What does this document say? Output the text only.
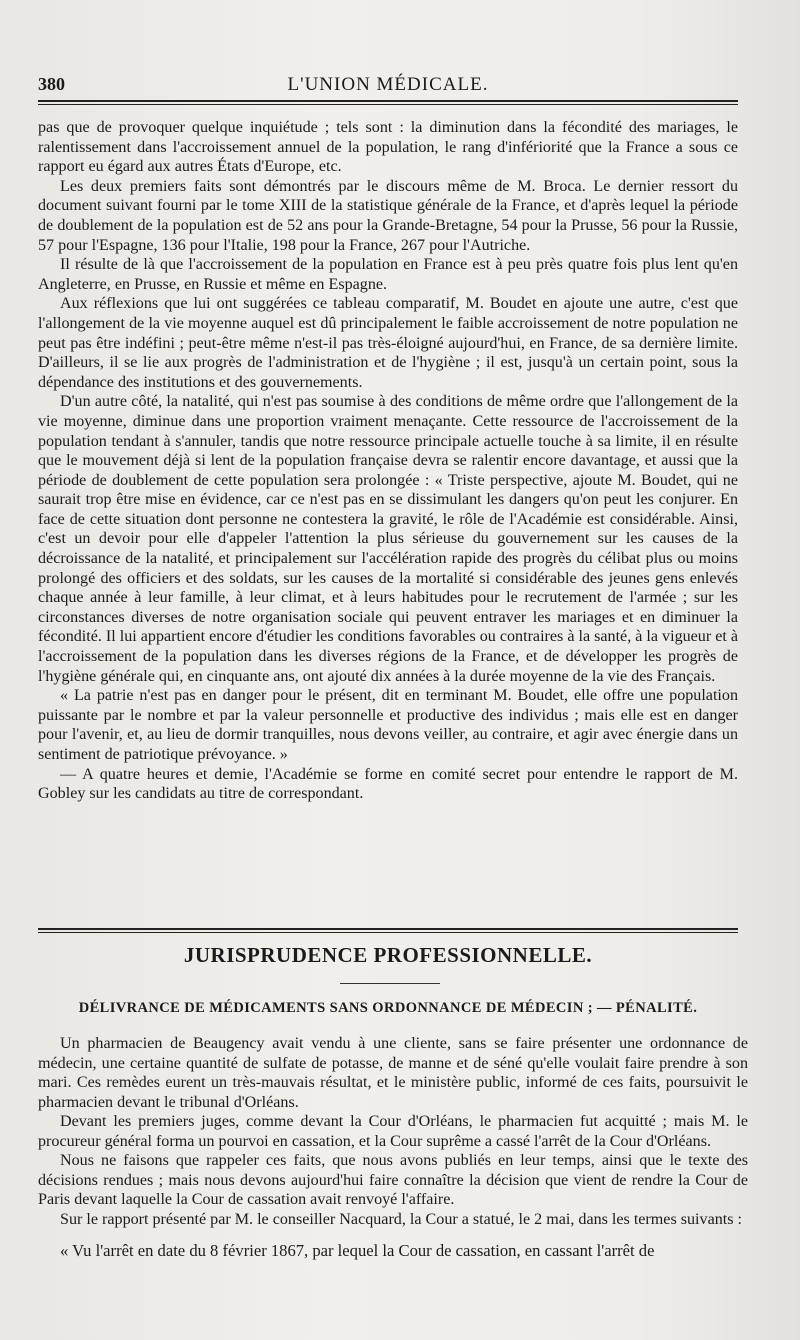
380	L'UNION MÉDICALE.

pas que de provoquer quelque inquiétude ; tels sont : la diminution dans la fécondité des mariages, le ralentissement dans l'accroissement annuel de la population, le rang d'infériorité que la France a sous ce rapport eu égard aux autres États d'Europe, etc.

Les deux premiers faits sont démontrés par le discours même de M. Broca. Le dernier ressort du document suivant fourni par le tome XIII de la statistique générale de la France, et d'après lequel la période de doublement de la population est de 52 ans pour la Grande-Bretagne, 54 pour la Prusse, 56 pour la Russie, 57 pour l'Espagne, 136 pour l'Italie, 198 pour la France, 267 pour l'Autriche.

Il résulte de là que l'accroissement de la population en France est à peu près quatre fois plus lent qu'en Angleterre, en Prusse, en Russie et même en Espagne.

Aux réflexions que lui ont suggérées ce tableau comparatif, M. Boudet en ajoute une autre, c'est que l'allongement de la vie moyenne auquel est dû principalement le faible accroissement de notre population ne peut pas être indéfini ; peut-être même n'est-il pas très-éloigné aujourd'hui, en France, de sa dernière limite. D'ailleurs, il se lie aux progrès de l'administration et de l'hygiène ; il est, jusqu'à un certain point, sous la dépendance des institutions et des gouvernements.

D'un autre côté, la natalité, qui n'est pas soumise à des conditions de même ordre que l'allongement de la vie moyenne, diminue dans une proportion vraiment menaçante. Cette ressource de l'accroissement de la population tendant à s'annuler, tandis que notre ressource principale actuelle touche à sa limite, il en résulte que le mouvement déjà si lent de la population française devra se ralentir encore davantage, et aussi que la période de doublement de cette population sera prolongée : « Triste perspective, ajoute M. Boudet, qui ne saurait trop être mise en évidence, car ce n'est pas en se dissimulant les dangers qu'on peut les conjurer. En face de cette situation dont personne ne contestera la gravité, le rôle de l'Académie est considérable. Ainsi, c'est un devoir pour elle d'appeler l'attention la plus sérieuse du gouvernement sur les causes de la décroissance de la natalité, et principalement sur l'accélération rapide des progrès du célibat plus ou moins prolongé des officiers et des soldats, sur les causes de la mortalité si considérable des jeunes gens enlevés chaque année à leur famille, à leur climat, et à leurs habitudes pour le recrutement de l'armée ; sur les circonstances diverses de notre organisation sociale qui peuvent entraver les mariages et en diminuer la fécondité. Il lui appartient encore d'étudier les conditions favorables ou contraires à la santé, à la vigueur et à l'accroissement de la population dans les diverses régions de la France, et de développer les progrès de l'hygiène générale qui, en cinquante ans, ont ajouté dix années à la durée moyenne de la vie des Français.

« La patrie n'est pas en danger pour le présent, dit en terminant M. Boudet, elle offre une population puissante par le nombre et par la valeur personnelle et productive des individus ; mais elle est en danger pour l'avenir, et, au lieu de dormir tranquilles, nous devons veiller, au contraire, et agir avec énergie dans un sentiment de patriotique prévoyance. »

— A quatre heures et demie, l'Académie se forme en comité secret pour entendre le rapport de M. Gobley sur les candidats au titre de correspondant.

JURISPRUDENCE PROFESSIONNELLE.
DÉLIVRANCE DE MÉDICAMENTS SANS ORDONNANCE DE MÉDECIN ; — PÉNALITÉ.

Un pharmacien de Beaugency avait vendu à une cliente, sans se faire présenter une ordonnance de médecin, une certaine quantité de sulfate de potasse, de manne et de séné qu'elle voulait faire prendre à son mari. Ces remèdes eurent un très-mauvais résultat, et le ministère public, informé de ces faits, poursuivit le pharmacien devant le tribunal d'Orléans.

Devant les premiers juges, comme devant la Cour d'Orléans, le pharmacien fut acquitté ; mais M. le procureur général forma un pourvoi en cassation, et la Cour suprême a cassé l'arrêt de la Cour d'Orléans.

Nous ne faisons que rappeler ces faits, que nous avons publiés en leur temps, ainsi que le texte des décisions rendues ; mais nous devons aujourd'hui faire connaître la décision que vient de rendre la Cour de Paris devant laquelle la Cour de cassation avait renvoyé l'affaire.

Sur le rapport présenté par M. le conseiller Nacquard, la Cour a statué, le 2 mai, dans les termes suivants :

« Vu l'arrêt en date du 8 février 1867, par lequel la Cour de cassation, en cassant l'arrêt de
